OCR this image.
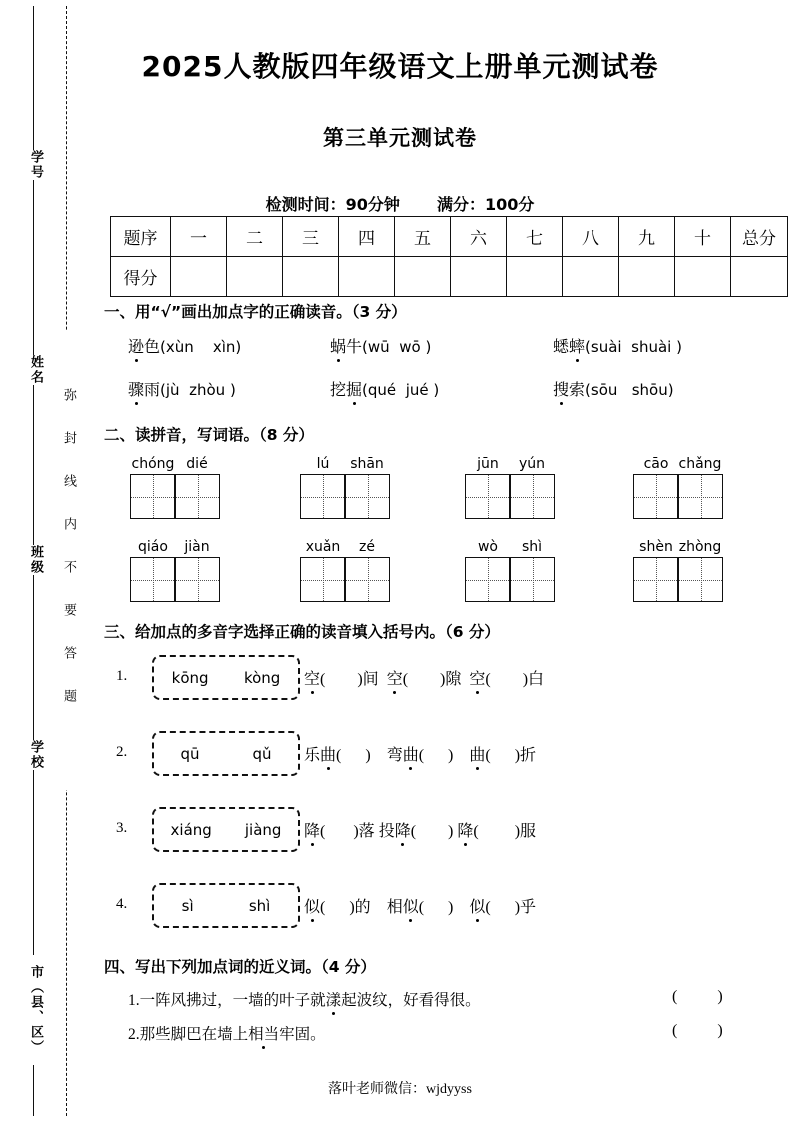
学号
姓名
班级
学校
市（县、区）
弥封线内不要答题
2025人教版四年级语文上册单元测试卷
第三单元测试卷
检测时间：90分钟 满分：100分
题序	一	二	三	四	五	六	七	八	九	十	总分
得分											
一、用“√”画出加点字的正确读音。（3 分）
逊色(xùn xìn)	蜗牛(wū wō )	蟋蟀(suài shuài )
骤雨(jù zhòu )	挖掘(qué jué )	搜索(sōu shōu)
二、读拼音，写词语。（8 分）
chóng dié	lú shān	jūn yún	cāo chǎng
qiáo jiàn	xuǎn zé	wò shì	shèn zhòng
三、给加点的多音字选择正确的读音填入括号内。（6 分）
1.	kōng kòng 空(        )间 空(        )隙 空(        )白
2.	qū	qǔ 乐曲(      ) 弯曲(      ) 曲(      )折
3.	xiáng jiàng 降(       )落 投降(        ) 降(         )服
4.	sì	shì 似(      )的 相似(      ) 似(      )乎
四、写出下列加点词的近义词。（4 分）
1.一阵风拂过，一墙的叶子就漾起波纹，好看得很。	(          )
2.那些脚巴在墙上相当牢固。	(          )
落叶老师微信：wjdyyss
